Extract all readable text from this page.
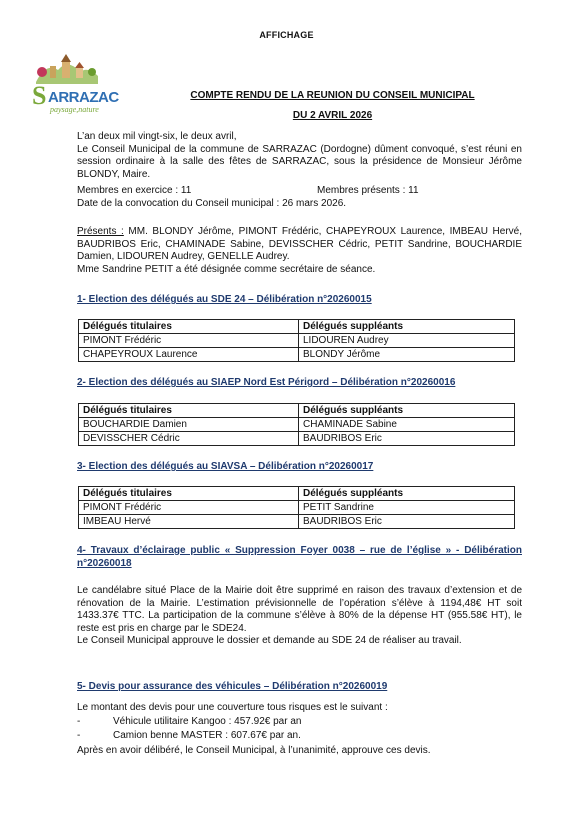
AFFICHAGE
S ARRAZAC
paysage,nature
COMPTE RENDU DE LA REUNION DU CONSEIL MUNICIPAL
DU 2 AVRIL 2026

L’an deux mil vingt-six, le deux avril,

Le Conseil Municipal de la commune de SARRAZAC (Dordogne) dûment convoqué, s’est réuni en session ordinaire à la salle des fêtes de SARRAZAC, sous la présidence de Monsieur Jérôme BLONDY, Maire.

Membres en exercice : 11	Membres présents : 11
Date de la convocation du Conseil municipal : 26 mars 2026.

Présents : MM. BLONDY Jérôme, PIMONT Frédéric, CHAPEYROUX Laurence, IMBEAU Hervé, BAUDRIBOS Eric, CHAMINADE Sabine, DEVISSCHER Cédric, PETIT Sandrine, BOUCHARDIE Damien, LIDOUREN Audrey, GENELLE Audrey.

Mme Sandrine PETIT a été désignée comme secrétaire de séance.

1- Election des délégués au SDE 24 – Délibération n°20260015
Délégués titulaires	Délégués suppléants
PIMONT Frédéric	LIDOUREN Audrey
CHAPEYROUX Laurence	BLONDY Jérôme
2- Election des délégués au SIAEP Nord Est Périgord – Délibération n°20260016
Délégués titulaires	Délégués suppléants
BOUCHARDIE Damien	CHAMINADE Sabine
DEVISSCHER Cédric	BAUDRIBOS Eric
3- Election des délégués au SIAVSA – Délibération n°20260017
Délégués titulaires	Délégués suppléants
PIMONT Frédéric	PETIT Sandrine
IMBEAU Hervé	BAUDRIBOS Eric
4- Travaux d’éclairage public « Suppression Foyer 0038 – rue de l’église » - Délibération n°20260018

Le candélabre situé Place de la Mairie doit être supprimé en raison des travaux d’extension et de rénovation de la Mairie. L’estimation prévisionnelle de l’opération s’élève à 1194,48€ HT soit 1433.37€ TTC. La participation de la commune s’élève à 80% de la dépense HT (955.58€ HT), le reste est pris en charge par le SDE24.

Le Conseil Municipal approuve le dossier et demande au SDE 24 de réaliser au travail.

5- Devis pour assurance des véhicules – Délibération n°20260019
Le montant des devis pour une couverture tous risques est le suivant :
-	Véhicule utilitaire Kangoo : 457.92€ par an
-	Camion benne MASTER : 607.67€ par an.
Après en avoir délibéré, le Conseil Municipal, à l’unanimité, approuve ces devis.
